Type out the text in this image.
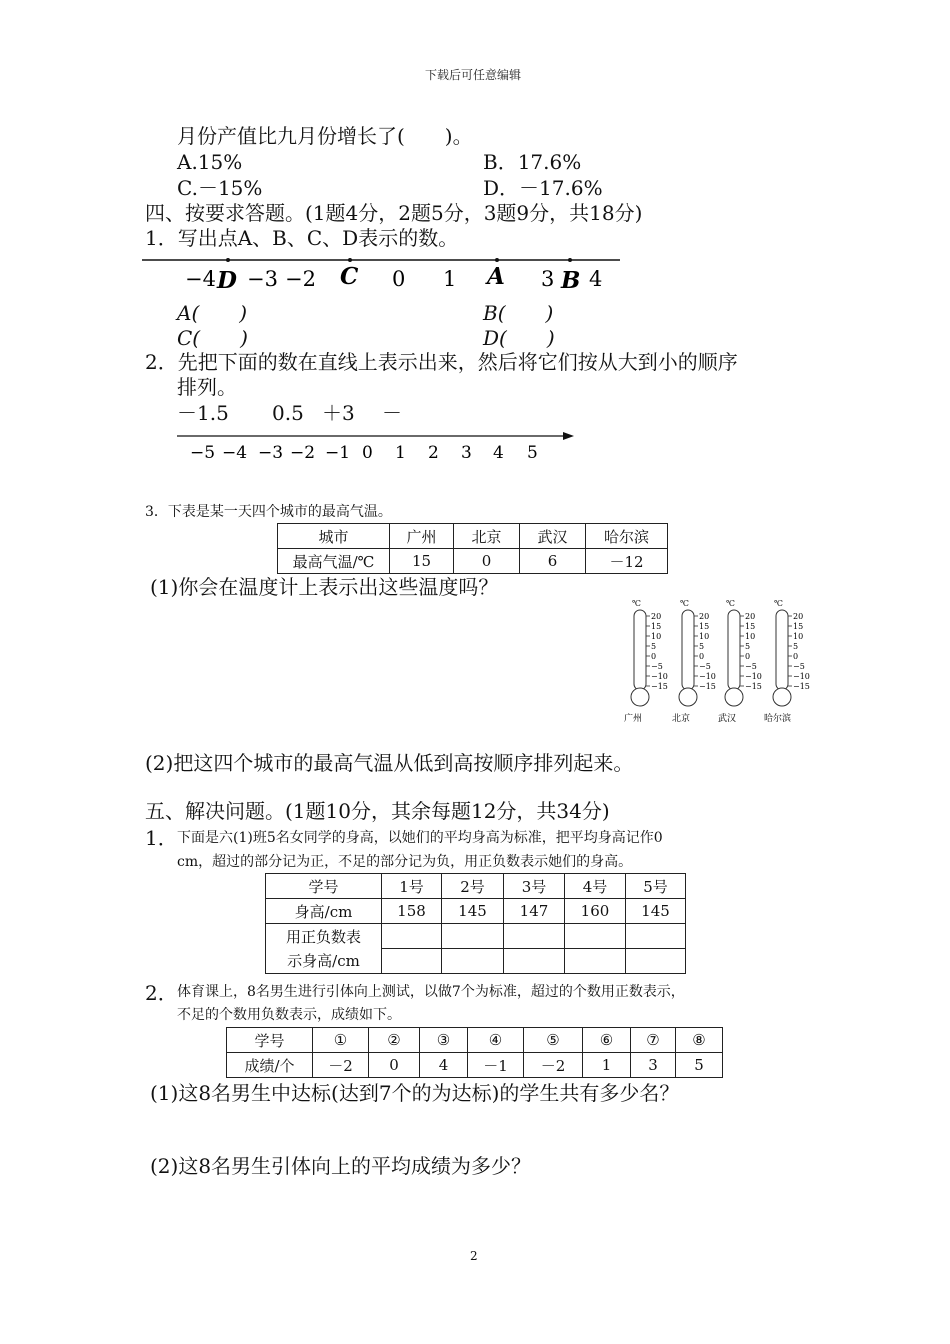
下载后可任意编辑
月份产值比九月份增长了(　　)。
A.15%	B．17.6%
C.－15%	D．－17.6%
四、按要求答题。(1题4分，2题5分，3题9分，共18分)
1．写出点A、B、C、D表示的数。
−4 −3 −2	0 1	3 4
D	C	A B
A(　　)	B(　　)
C(　　)	D(　　)
2．先把下面的数在直线上表示出来，然后将它们按从大到小的顺序
排列。
－1.5 0.5 ＋3 －
−5 −4 −3 −2 −1 0 1 2 3 4 5
3．下表是某一天四个城市的最高气温。
城市	广州	北京	武汉	哈尔滨
最高气温/℃	15	0	6	－12
(1)你会在温度计上表示出这些温度吗？
℃
20
15
10
5
0
−5
−10
−15
广州
℃
20
15
10
5
0
−5
−10
−15
北京
℃
20
15
10
5
0
−5
−10
−15
武汉
℃
20
15
10
5
0
−5
−10
−15
哈尔滨
(2)把这四个城市的最高气温从低到高按顺序排列起来。
五、解决问题。(1题10分，其余每题12分，共34分)
1． 下面是六(1)班5名女同学的身高，以她们的平均身高为标准，把平均身高记作0
cm，超过的部分记为正，不足的部分记为负，用正负数表示她们的身高。
学号	1号	2号	3号	4号	5号
身高/cm	158	145	147	160	145
用正负数表					
示身高/cm					
2． 体育课上，8名男生进行引体向上测试，以做7个为标准，超过的个数用正数表示，
不足的个数用负数表示，成绩如下。
学号	①	②	③	④	⑤	⑥	⑦	⑧
成绩/个	－2	0	4	－1	－2	1	3	5
(1)这8名男生中达标(达到7个的为达标)的学生共有多少名？
(2)这8名男生引体向上的平均成绩为多少？
2
